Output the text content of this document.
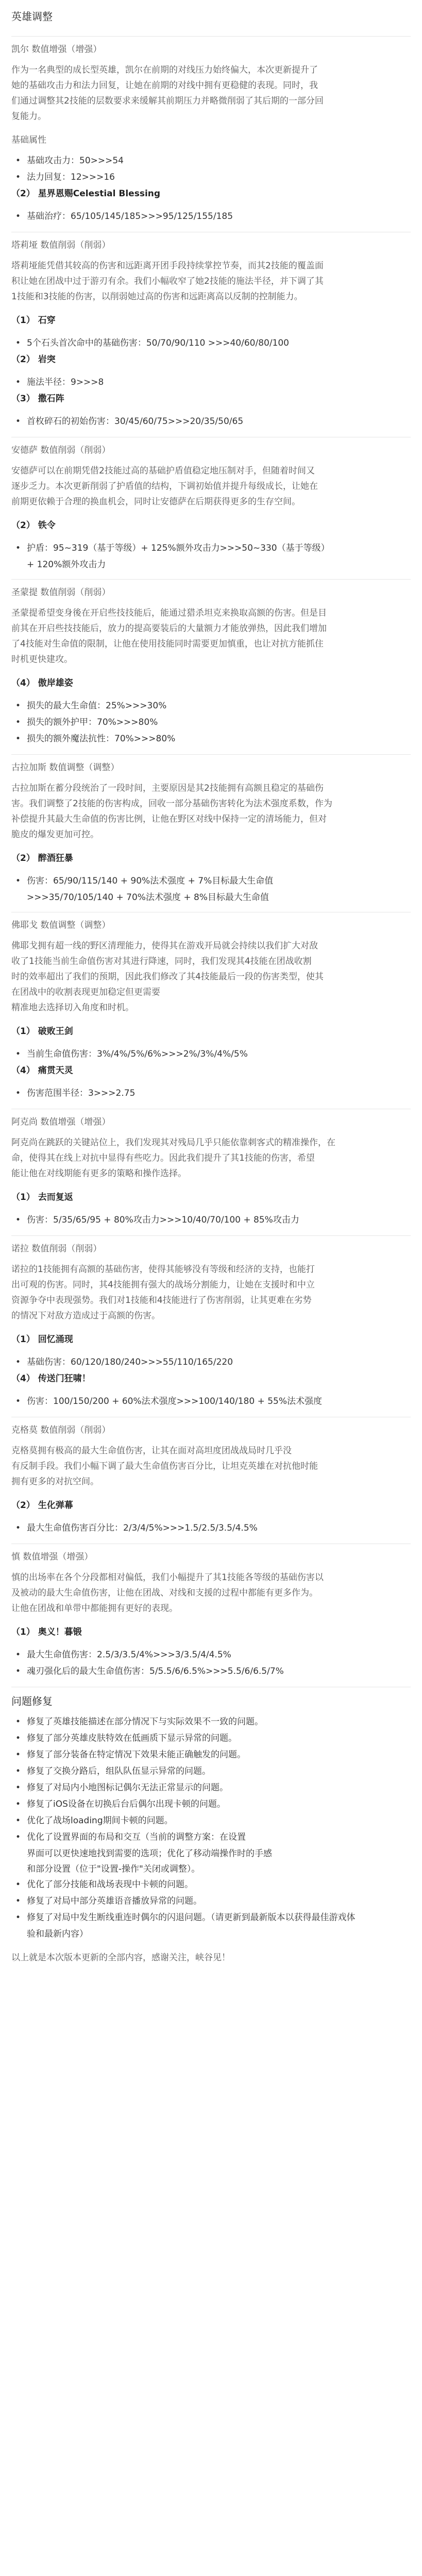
英雄调整
凯尔 数值增强（增强）
作为一名典型的成长型英雄，凯尔在前期的对线压力始终偏大，本次更新提升了
她的基础攻击力和法力回复，让她在前期的对线中拥有更稳健的表现。同时，我
们通过调整其2技能的层数要求来缓解其前期压力并略微削弱了其后期的一部分回
复能力。
基础属性
• 基础攻击力：50>>>54
• 法力回复：12>>>16
（2） 星界恩赐Celestial Blessing
• 基础治疗：65/105/145/185>>>95/125/155/185
塔莉垭 数值削弱（削弱）
塔莉垭能凭借其较高的伤害和远距离开团手段持续掌控节奏，而其2技能的覆盖面
积让她在团战中过于游刃有余。我们小幅收窄了她2技能的施法半径，并下调了其
1技能和3技能的伤害，以削弱她过高的伤害和远距离高以反制的控制能力。
（1） 石穿
• 5个石头首次命中的基础伤害：50/70/90/110 >>>40/60/80/100
（2） 岩突
• 施法半径：9>>>8
（3） 撒石阵
• 首枚碎石的初始伤害：30/45/60/75>>>20/35/50/65
安德萨 数值削弱（削弱）
安德萨可以在前期凭借2技能过高的基础护盾值稳定地压制对手，但随着时间又
逐步乏力。本次更新削弱了护盾值的结构，下调初始值并提升每级成长，让她在
前期更依赖于合理的换血机会，同时让安德萨在后期获得更多的生存空间。
（2） 铁令
• 护盾：95~319（基于等级）+ 125%额外攻击力>>>50~330（基于等级）
+ 120%额外攻击力
圣蒙提 数值削弱（削弱）
圣蒙提希望变身後在开启些技技能后，能通过猎杀坦克来换取高额的伤害。但是目
前其在开启些技技能后，放力的提高要装后的大量额力才能放弹热，因此我们增加
了4技能对生命值的限制，让他在使用技能同时需要更加慎重，也让对抗方能抓住
时机更快建攻。
（4） 傲岸雄姿
• 损失的最大生命值：25%>>>30%
• 损失的额外护甲：70%>>>80%
• 损失的额外魔法抗性：70%>>>80%
古拉加斯 数值调整（调整）
古拉加斯在蓄分段统治了一段时间，主要原因是其2技能拥有高额且稳定的基础伤
害。我们调整了2技能的伤害构成，回收一部分基础伤害转化为法术强度系数，作为
补偿提升其最大生命值的伤害比例，让他在野区对线中保持一定的清场能力，但对
脆皮的爆发更加可控。
（2） 醉酒狂暴
• 伤害：65/90/115/140 + 90%法术强度 + 7%目标最大生命值
>>>35/70/105/140 + 70%法术强度 + 8%目标最大生命值
佛耶戈 数值调整（调整）
佛耶戈拥有超一线的野区清理能力，使得其在游戏开局就会持续以我们扩大对敌
收了1技能当前生命值伤害对其进行降速，同时，我们发现其4技能在团战收割
时的效率超出了我们的预期，因此我们修改了其4技能最后一段的伤害类型，使其
在团战中的收割表现更加稳定但更需要
精准地去选择切入角度和时机。
（1） 破败王剑
• 当前生命值伤害：3%/4%/5%/6%>>>2%/3%/4%/5%
（4） 痛贯天灵
• 伤害范围半径：3>>>2.75
阿克尚 数值增强（增强）
阿克尚在跳跃的关键站位上，我们发现其对残局几乎只能依靠刺客式的精准操作，在
命，使得其在线上对抗中显得有些吃力。因此我们提升了其1技能的伤害，希望
能让他在对线期能有更多的策略和操作选择。
（1） 去而复返
• 伤害：5/35/65/95 + 80%攻击力>>>10/40/70/100 + 85%攻击力
诺拉 数值削弱（削弱）
诺拉的1技能拥有高额的基础伤害，使得其能够没有等级和经济的支持，也能打
出可观的伤害。同时，其4技能拥有强大的战场分割能力，让她在支援时和中立
资源争夺中表现强势。我们对1技能和4技能进行了伤害削弱，让其更难在劣势
的情况下对敌方造成过于高额的伤害。
（1） 回忆涌现
• 基础伤害：60/120/180/240>>>55/110/165/220
（4） 传送门狂啸！
• 伤害：100/150/200 + 60%法术强度>>>100/140/180 + 55%法术强度
克格莫 数值削弱（削弱）
克格莫拥有极高的最大生命值伤害，让其在面对高坦度团战战局时几乎没
有反制手段。我们小幅下调了最大生命值伤害百分比，让坦克英雄在对抗他时能
拥有更多的对抗空间。
（2） 生化弹幕
• 最大生命值伤害百分比：2/3/4/5%>>>1.5/2.5/3.5/4.5%
慎 数值增强（增强）
慎的出场率在各个分段都相对偏低，我们小幅提升了其1技能各等级的基础伤害以
及被动的最大生命值伤害，让他在团战、对线和支援的过程中都能有更多作为。
让他在团战和单带中都能拥有更好的表现。
（1） 奥义！暮锻
• 最大生命值伤害：2.5/3/3.5/4%>>>3/3.5/4/4.5%
• 魂刃强化后的最大生命值伤害：5/5.5/6/6.5%>>>5.5/6/6.5/7%
问题修复
• 修复了英雄技能描述在部分情况下与实际效果不一致的问题。
• 修复了部分英雄皮肤特效在低画质下显示异常的问题。
• 修复了部分装备在特定情况下效果未能正确触发的问题。
• 修复了交换分路后，组队队伍显示异常的问题。
• 修复了对局内小地图标记偶尔无法正常显示的问题。
• 修复了iOS设备在切换后台后偶尔出现卡顿的问题。
• 优化了战场loading期间卡顿的问题。
• 优化了设置界面的布局和交互（当前的调整方案：在设置
界面可以更快速地找到需要的选项；优化了移动端操作时的手感
和部分设置（位于"设置-操作"关闭或调整）。
• 优化了部分技能和战场表现中卡顿的问题。
• 修复了对局中部分英雄语音播放异常的问题。
• 修复了对局中发生断线重连时偶尔的闪退问题。（请更新到最新版本以获得最佳游戏体
验和最新内容）
以上就是本次版本更新的全部内容，感谢关注，峡谷见！
